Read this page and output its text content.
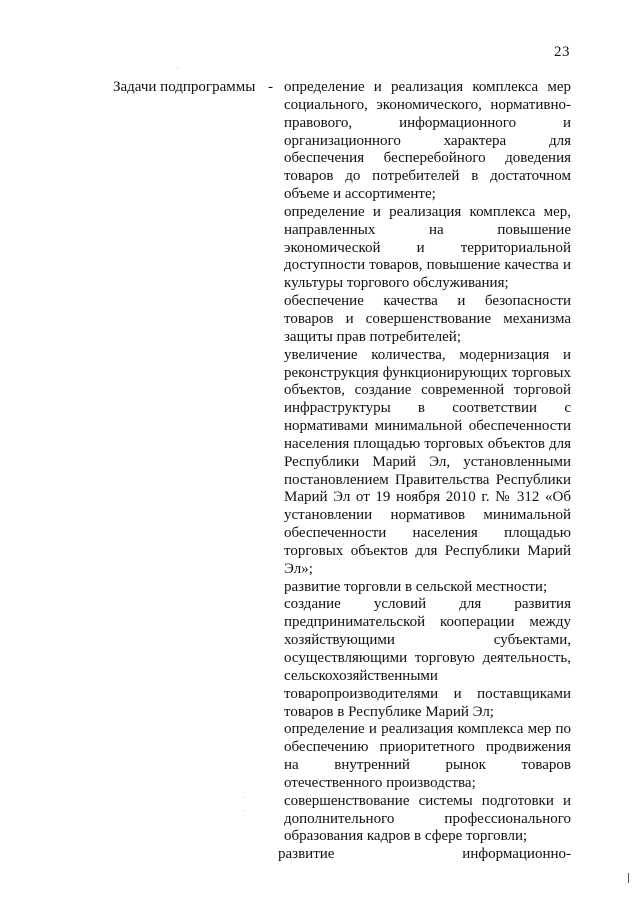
23
Задачи подпрограммы - определение и реализация комплекса мер социального, экономического, нормативно-правового, информационного и организационного характера для обеспечения бесперебойного доведения товаров до потребителей в достаточном объеме и ассортименте;

определение и реализация комплекса мер, направленных на повышение экономической и территориальной доступности товаров, повышение качества и культуры торгового обслуживания;

обеспечение качества и безопасности товаров и совершенствование механизма защиты прав потребителей;

увеличение количества, модернизация и реконструкция функционирующих торговых объектов, создание современной торговой инфраструктуры в соответствии с нормативами минимальной обеспеченности населения площадью торговых объектов для Республики Марий Эл, установленными постановлением Правительства Республики Марий Эл от 19 ноября 2010 г. № 312 «Об установлении нормативов минимальной обеспеченности населения площадью торговых объектов для Республики Марий Эл»;

развитие торговли в сельской местности;

создание условий для развития предпринимательской кооперации между хозяйствующими субъектами, осуществляющими торговую деятельность, сельскохозяйственными товаропроизводителями и поставщиками товаров в Республике Марий Эл;

определение и реализация комплекса мер по обеспечению приоритетного продвижения на внутренний рынок товаров отечественного производства;

совершенствование системы подготовки и дополнительного профессионального образования кадров в сфере торговли;

развитие	информационно-
